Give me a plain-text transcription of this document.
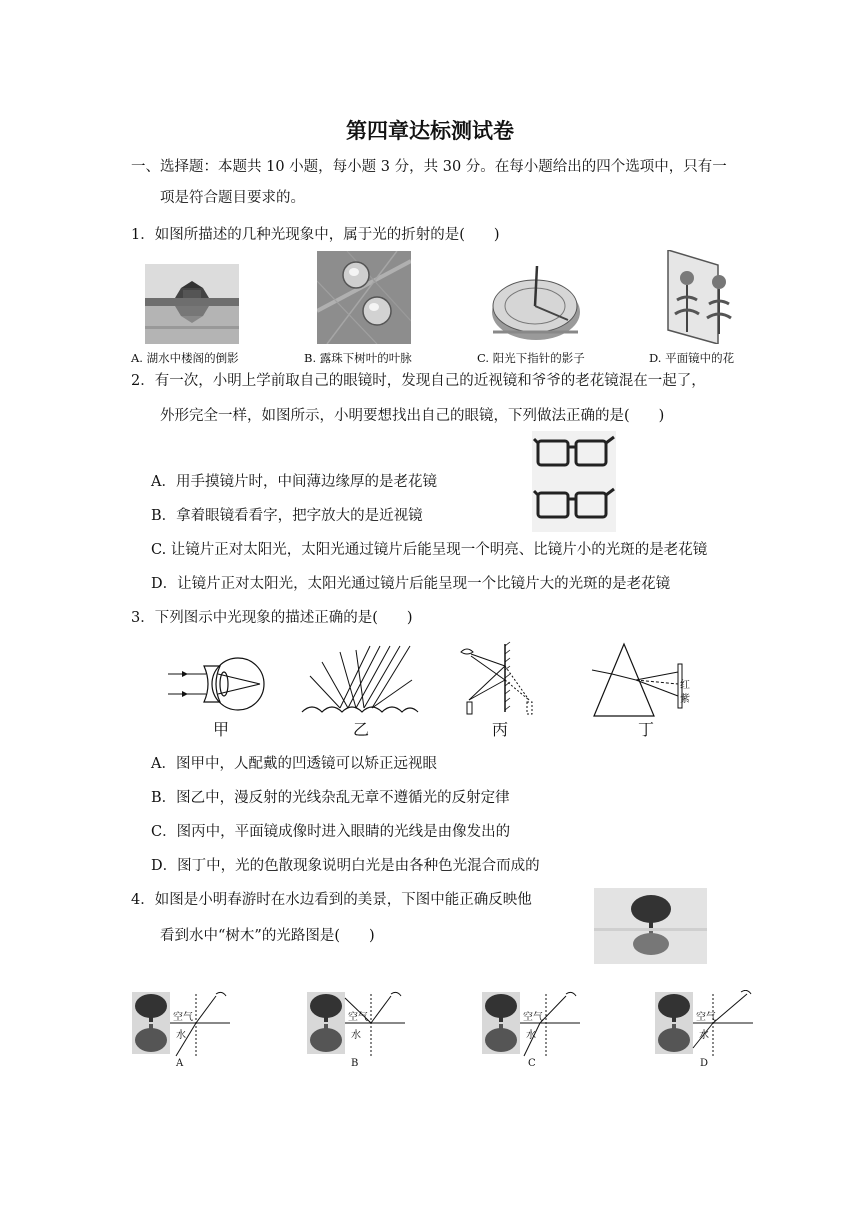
第四章达标测试卷
一、选择题：本题共 10 小题，每小题 3 分，共 30 分。在每小题给出的四个选项中，只有一
项是符合题目要求的。
1．如图所描述的几种光现象中，属于光的折射的是(　　)
A. 湖水中楼阁的倒影	B. 露珠下树叶的叶脉	C. 阳光下指针的影子	D. 平面镜中的花
2．有一次，小明上学前取自己的眼镜时，发现自己的近视镜和爷爷的老花镜混在一起了，
外形完全一样，如图所示，小明要想找出自己的眼镜，下列做法正确的是(　　)
A．用手摸镜片时，中间薄边缘厚的是老花镜
B．拿着眼镜看看字，把字放大的是近视镜
C. 让镜片正对太阳光，太阳光通过镜片后能呈现一个明亮、比镜片小的光斑的是老花镜
D．让镜片正对太阳光，太阳光通过镜片后能呈现一个比镜片大的光斑的是老花镜
3．下列图示中光现象的描述正确的是(　　)
红
紫
甲	乙	丙	丁
A．图甲中，人配戴的凹透镜可以矫正远视眼
B．图乙中，漫反射的光线杂乱无章不遵循光的反射定律
C．图丙中，平面镜成像时进入眼睛的光线是由像发出的
D．图丁中，光的色散现象说明白光是由各种色光混合而成的
4．如图是小明春游时在水边看到的美景，下图中能正确反映他
看到水中“树木”的光路图是(　　)
空气
水
空气
水
空气
水
空气
水
A	B	C	D
